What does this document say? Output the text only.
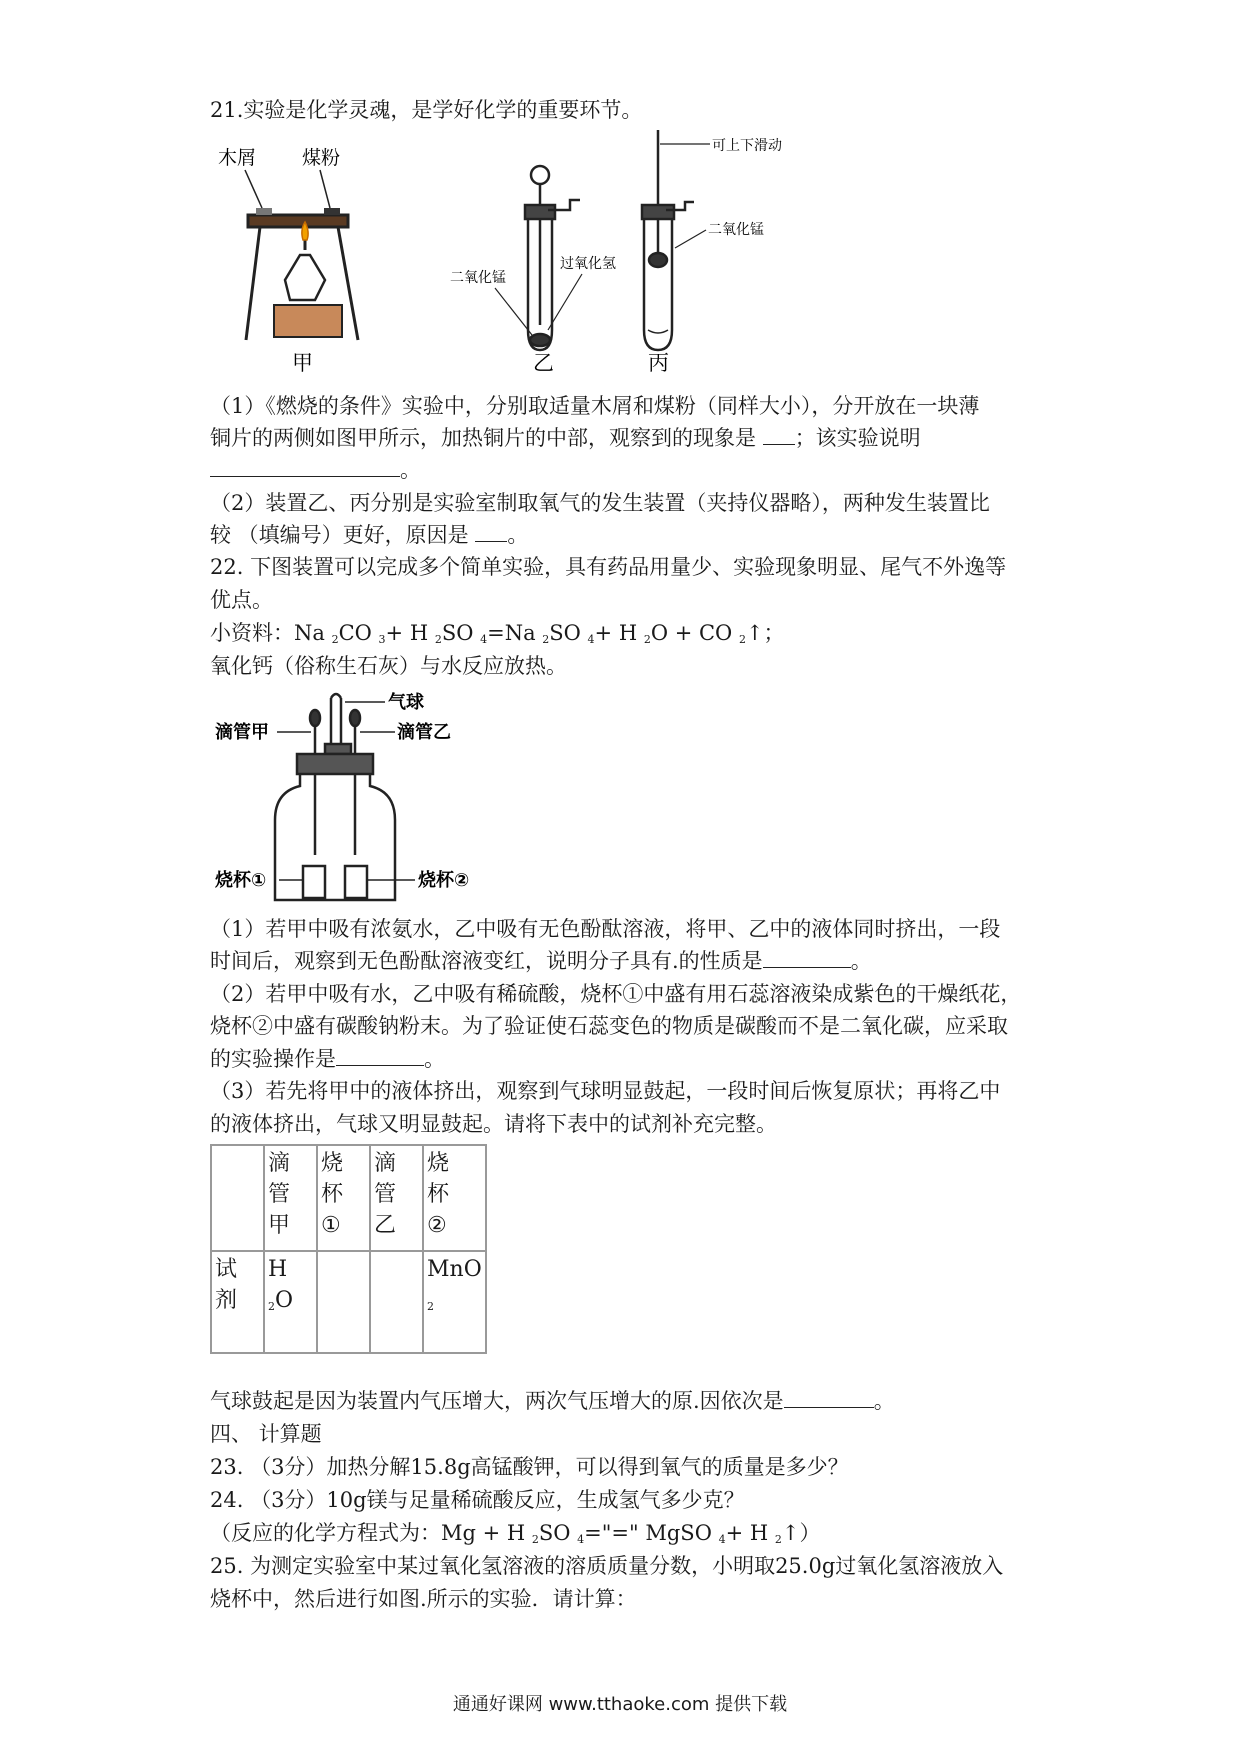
21.实验是化学灵魂，是学好化学的重要环节。
木屑 煤粉
甲
二氧化锰
过氧化氢
乙
可上下滑动
二氧化锰
丙
（1）《燃烧的条件》实验中，分别取适量木屑和煤粉（同样大小），分开放在一块薄
铜片的两侧如图甲所示，加热铜片的中部，观察到的现象是 ；该实验说明
。
（2）装置乙、丙分别是实验室制取氧气的发生装置（夹持仪器略），两种发生装置比
较 （填编号）更好，原因是 。
22. 下图装置可以完成多个简单实验，具有药品用量少、实验现象明显、尾气不外逸等
优点。
小资料：Na $_2$CO $_3$+ H $_2$SO $_4$=Na $_2$SO $_4$+ H $_2$O + CO $_2$↑；
氧化钙（俗称生石灰）与水反应放热。
气球
滴管甲	滴管乙
烧杯①	烧杯②
（1）若甲中吸有浓氨水，乙中吸有无色酚酞溶液，将甲、乙中的液体同时挤出，一段
时间后，观察到无色酚酞溶液变红，说明分子具有.的性质是	。
（2）若甲中吸有水，乙中吸有稀硫酸，烧杯①中盛有用石蕊溶液染成紫色的干燥纸花，
烧杯②中盛有碳酸钠粉末。为了验证使石蕊变色的物质是碳酸而不是二氧化碳，应采取
的实验操作是	。
（3）若先将甲中的液体挤出，观察到气球明显鼓起，一段时间后恢复原状；再将乙中
的液体挤出，气球又明显鼓起。请将下表中的试剂补充完整。

	滴
管
甲	烧
杯
①	滴
管
乙	烧
杯
②

试
剂	H $_2$O			MnO
$_2$
气球鼓起是因为装置内气压增大，两次气压增大的原.因依次是	。
四、 计算题
23. （3分）加热分解15.8g高锰酸钾，可以得到氧气的质量是多少？
24. （3分）10g镁与足量稀硫酸反应，生成氢气多少克？
（反应的化学方程式为：Mg + H $_2$SO $_4$="=" MgSO $_4$+ H $_2$↑）
25. 为测定实验室中某过氧化氢溶液的溶质质量分数，小明取25.0g过氧化氢溶液放入
烧杯中，然后进行如图.所示的实验．请计算：
通通好课网 www.tthaoke.com 提供下载
